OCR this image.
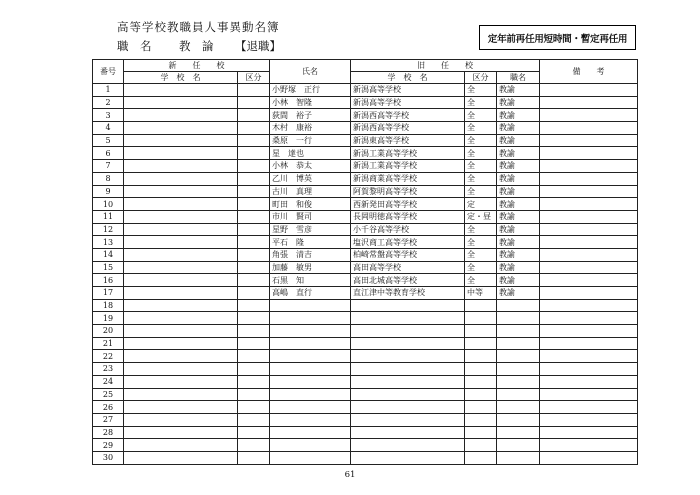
高等学校教職員人事異動名簿
職　名 教　論 【退職】	定年前再任用短時間・暫定再任用
番号	新　　任　　校		氏名	旧　　任　　校			備　　考
	学　校　名	区分		学　校　名	区分	職名	
1			小野塚　正行	新潟高等学校	全	教諭	
2			小林　智隆	新潟高等学校	全	教諭	
3			荻間　裕子	新潟西高等学校	全	教諭	
4			木村　康裕	新潟西高等学校	全	教諭	
5			桑原　一行	新潟東高等学校	全	教諭	
6			星　達也	新潟工業高等学校	全	教諭	
7			小林　恭太	新潟工業高等学校	全	教諭	
8			乙川　博英	新潟商業高等学校	全	教諭	
9			古川　真理	阿賀黎明高等学校	全	教諭	
10			町田　和俊	西新発田高等学校	定	教諭	
11			市川　賢司	長岡明徳高等学校	定・昼	教諭	
12			星野　雪彦	小千谷高等学校	全	教諭	
13			平石　隆	塩沢商工高等学校	全	教諭	
14			角張　清吉	柏崎常盤高等学校	全	教諭	
15			加藤　敏男	高田高等学校	全	教諭	
16			石黒　知	高田北城高等学校	全	教諭	
17			高嶋　直行	直江津中等教育学校	中等	教諭	
18							
19							
20							
21							
22							
23							
24							
25							
26							
27							
28							
29							
30							
61
